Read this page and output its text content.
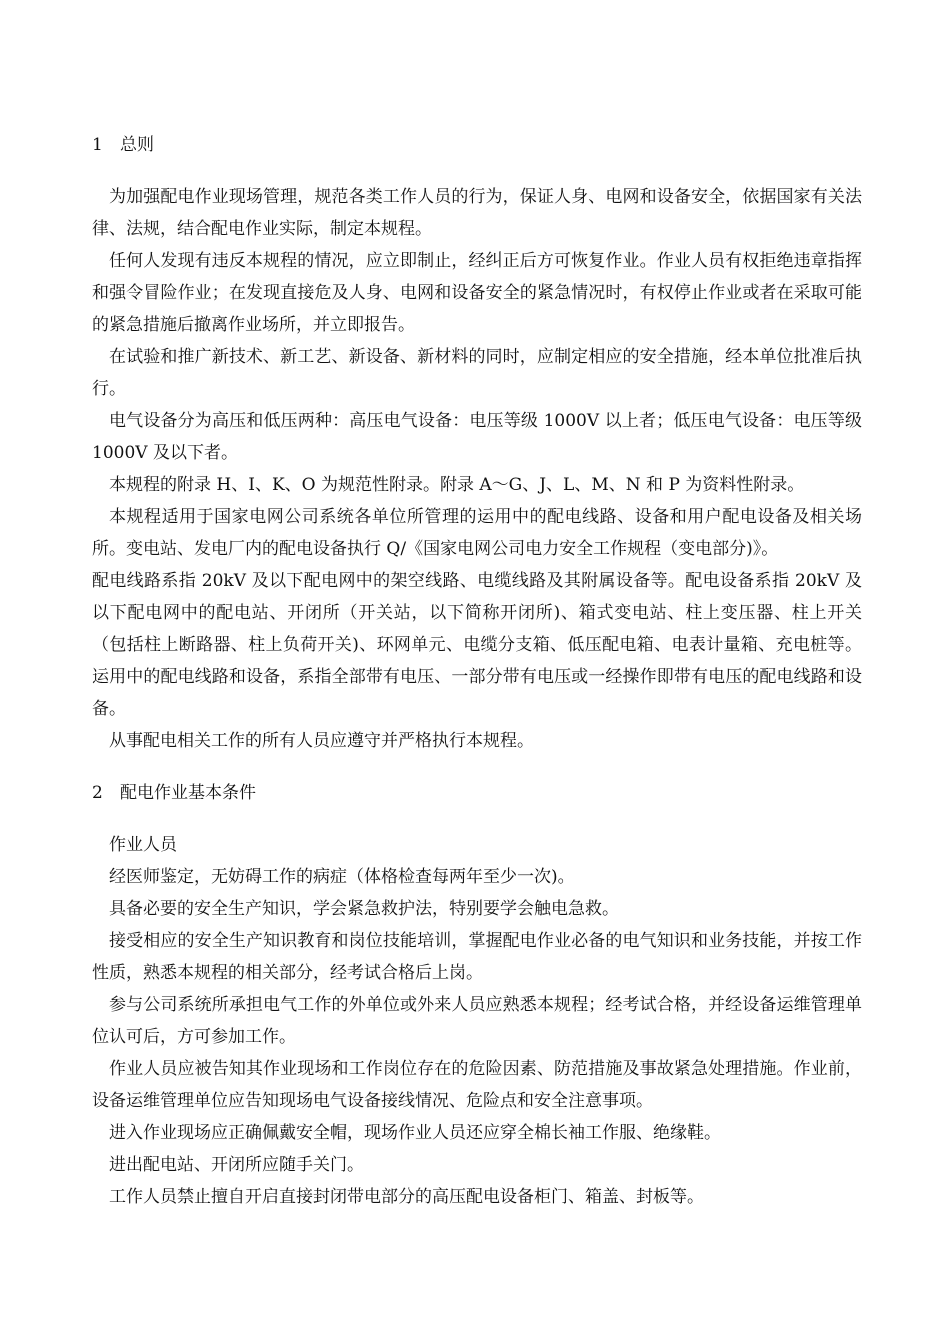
1 总则

为加强配电作业现场管理，规范各类工作人员的行为，保证人身、电网和设备安全，依据国家有关法律、法规，结合配电作业实际，制定本规程。

任何人发现有违反本规程的情况，应立即制止，经纠正后方可恢复作业。作业人员有权拒绝违章指挥和强令冒险作业；在发现直接危及人身、电网和设备安全的紧急情况时，有权停止作业或者在采取可能的紧急措施后撤离作业场所，并立即报告。

在试验和推广新技术、新工艺、新设备、新材料的同时，应制定相应的安全措施，经本单位批准后执行。

电气设备分为高压和低压两种：高压电气设备：电压等级 1000V 以上者；低压电气设备：电压等级 1000V 及以下者。

本规程的附录 H、I、K、O 为规范性附录。附录 A～G、J、L、M、N 和 P 为资料性附录。

本规程适用于国家电网公司系统各单位所管理的运用中的配电线路、设备和用户配电设备及相关场所。变电站、发电厂内的配电设备执行 Q/《国家电网公司电力安全工作规程（变电部分)》。

配电线路系指 20kV 及以下配电网中的架空线路、电缆线路及其附属设备等。配电设备系指 20kV 及以下配电网中的配电站、开闭所（开关站，以下简称开闭所)、箱式变电站、柱上变压器、柱上开关（包括柱上断路器、柱上负荷开关)、环网单元、电缆分支箱、低压配电箱、电表计量箱、充电桩等。运用中的配电线路和设备，系指全部带有电压、一部分带有电压或一经操作即带有电压的配电线路和设备。

从事配电相关工作的所有人员应遵守并严格执行本规程。

2 配电作业基本条件

作业人员

经医师鉴定，无妨碍工作的病症（体格检查每两年至少一次)。

具备必要的安全生产知识，学会紧急救护法，特别要学会触电急救。

接受相应的安全生产知识教育和岗位技能培训，掌握配电作业必备的电气知识和业务技能，并按工作性质，熟悉本规程的相关部分，经考试合格后上岗。

参与公司系统所承担电气工作的外单位或外来人员应熟悉本规程；经考试合格，并经设备运维管理单位认可后，方可参加工作。

作业人员应被告知其作业现场和工作岗位存在的危险因素、防范措施及事故紧急处理措施。作业前，设备运维管理单位应告知现场电气设备接线情况、危险点和安全注意事项。

进入作业现场应正确佩戴安全帽，现场作业人员还应穿全棉长袖工作服、绝缘鞋。

进出配电站、开闭所应随手关门。

工作人员禁止擅自开启直接封闭带电部分的高压配电设备柜门、箱盖、封板等。
